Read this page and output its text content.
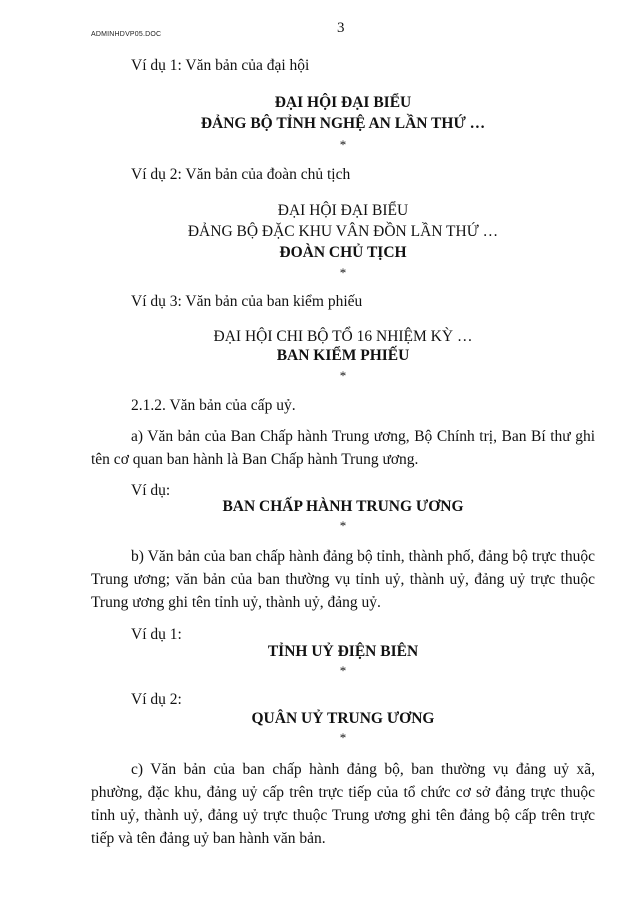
ADMINHDVP05.DOC	3
Ví dụ 1: Văn bản của đại hội
ĐẠI HỘI ĐẠI BIỂU
ĐẢNG BỘ TỈNH NGHỆ AN LẦN THỨ …
*
Ví dụ 2: Văn bản của đoàn chủ tịch
ĐẠI HỘI ĐẠI BIỂU
ĐẢNG BỘ ĐẶC KHU VÂN ĐỒN LẦN THỨ …
ĐOÀN CHỦ TỊCH
*
Ví dụ 3: Văn bản của ban kiểm phiếu
ĐẠI HỘI CHI BỘ TỔ 16 NHIỆM KỲ …
BAN KIỂM PHIẾU
*
2.1.2. Văn bản của cấp uỷ.
a) Văn bản của Ban Chấp hành Trung ương, Bộ Chính trị, Ban Bí thư ghi tên cơ quan ban hành là Ban Chấp hành Trung ương.
Ví dụ:
BAN CHẤP HÀNH TRUNG ƯƠNG
*
b) Văn bản của ban chấp hành đảng bộ tỉnh, thành phố, đảng bộ trực thuộc Trung ương; văn bản của ban thường vụ tỉnh uỷ, thành uỷ, đảng uỷ trực thuộc Trung ương ghi tên tỉnh uỷ, thành uỷ, đảng uỷ.
Ví dụ 1:
TỈNH UỶ ĐIỆN BIÊN
*
Ví dụ 2:
QUÂN UỶ TRUNG ƯƠNG
*
c) Văn bản của ban chấp hành đảng bộ, ban thường vụ đảng uỷ xã, phường, đặc khu, đảng uỷ cấp trên trực tiếp của tổ chức cơ sở đảng trực thuộc tỉnh uỷ, thành uỷ, đảng uỷ trực thuộc Trung ương ghi tên đảng bộ cấp trên trực tiếp và tên đảng uỷ ban hành văn bản.
